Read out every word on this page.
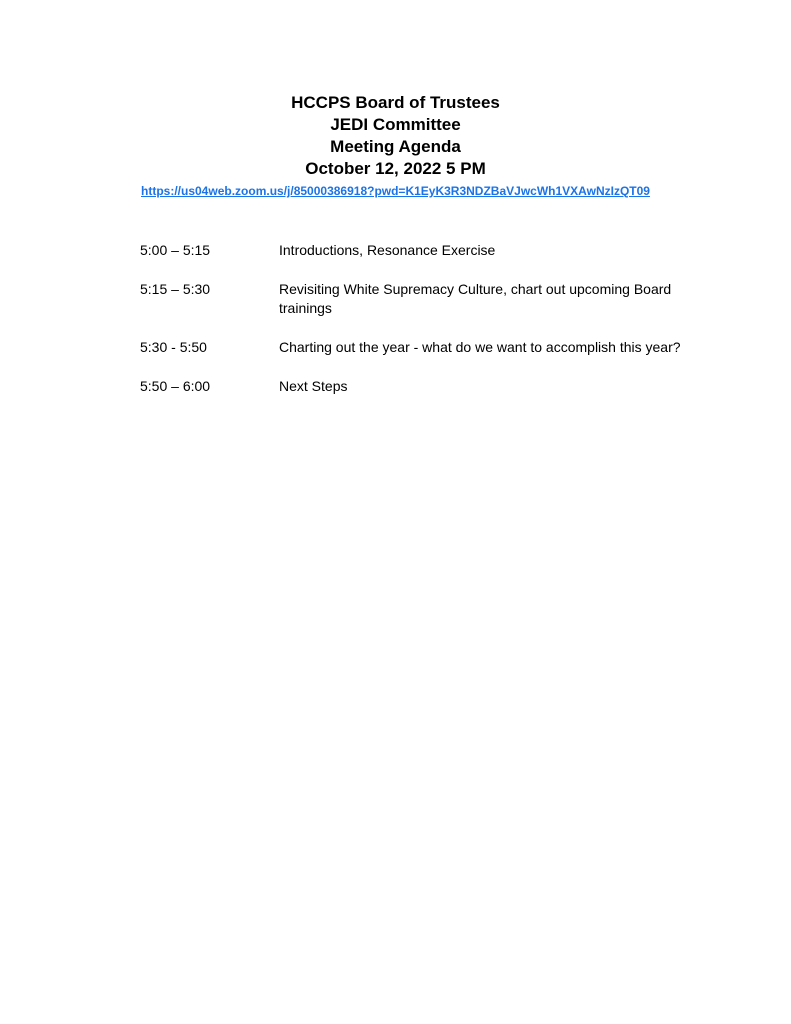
HCCPS Board of Trustees
JEDI Committee
Meeting Agenda
October 12, 2022 5 PM
https://us04web.zoom.us/j/85000386918?pwd=K1EyK3R3NDZBaVJwcWh1VXAwNzIzQT09
5:00 – 5:15	Introductions, Resonance Exercise
5:15 – 5:30	Revisiting White Supremacy Culture, chart out upcoming Board trainings
5:30 - 5:50	Charting out the year - what do we want to accomplish this year?
5:50 – 6:00	Next Steps
